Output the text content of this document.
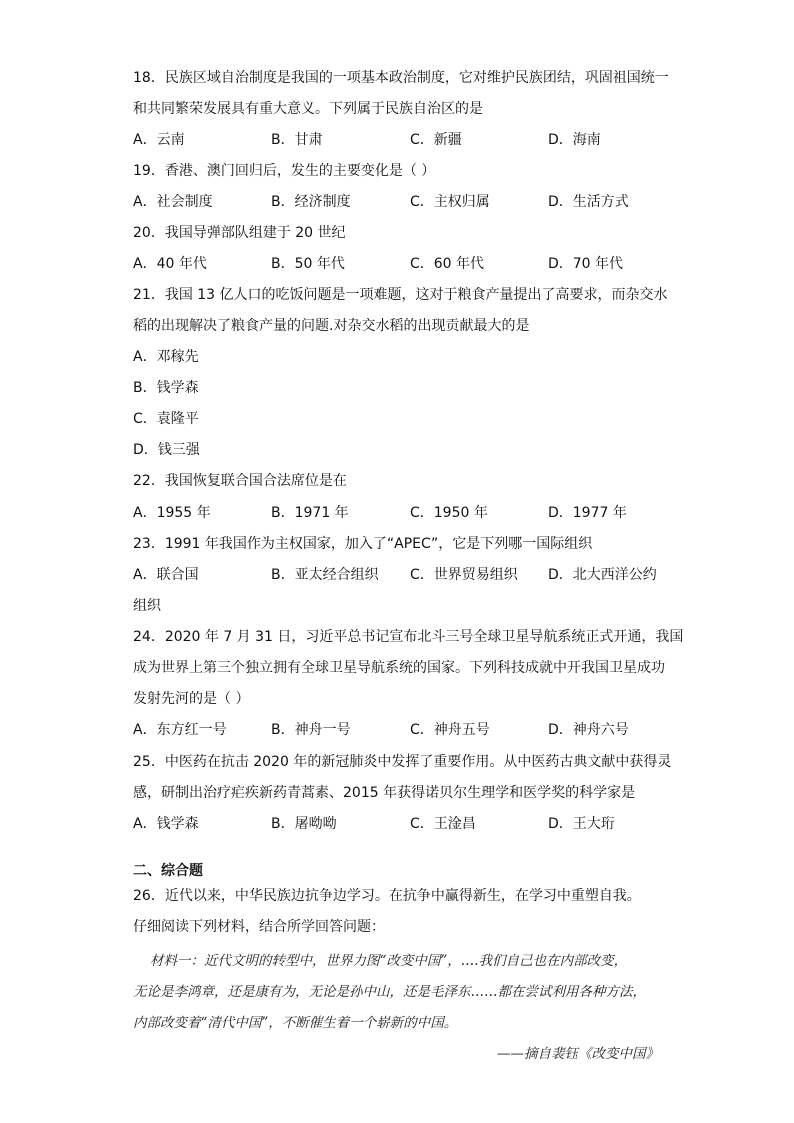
18．民族区域自治制度是我国的一项基本政治制度，它对维护民族团结，巩固祖国统一
和共同繁荣发展具有重大意义。下列属于民族自治区的是
A．云南	B．甘肃	C．新疆	D．海南
19．香港、澳门回归后，发生的主要变化是（ ）
A．社会制度	B．经济制度	C．主权归属	D．生活方式
20．我国导弹部队组建于 20 世纪
A．40 年代	B．50 年代	C．60 年代	D．70 年代
21．我国 13 亿人口的吃饭问题是一项难题，这对于粮食产量提出了高要求，而杂交水
稻的出现解决了粮食产量的问题.对杂交水稻的出现贡献最大的是
A．邓稼先
B．钱学森
C．袁隆平
D．钱三强
22．我国恢复联合国合法席位是在
A．1955 年	B．1971 年	C．1950 年	D．1977 年
23．1991 年我国作为主权国家，加入了“APEC”，它是下列哪一国际组织
A．联合国	B．亚太经合组织 C．世界贸易组织 D．北大西洋公约
组织
24．2020 年 7 月 31 日，习近平总书记宣布北斗三号全球卫星导航系统正式开通，我国
成为世界上第三个独立拥有全球卫星导航系统的国家。下列科技成就中开我国卫星成功
发射先河的是（ ）
A．东方红一号	B．神舟一号	C．神舟五号	D．神舟六号
25．中医药在抗击 2020 年的新冠肺炎中发挥了重要作用。从中医药古典文献中获得灵
感，研制出治疗疟疾新药青蒿素、2015 年获得诺贝尔生理学和医学奖的科学家是
A．钱学森	B．屠呦呦	C．王淦昌	D．王大珩
二、综合题
26．近代以来，中华民族边抗争边学习。在抗争中赢得新生，在学习中重塑自我。
仔细阅读下列材料，结合所学回答问题：
材料一：近代文明的转型中，世界力图“改变中国”，.…我们自己也在内部改变，
无论是李鸿章，还是康有为，无论是孙中山，还是毛泽东……都在尝试利用各种方法，
内部改变着“清代中国”，不断催生着一个崭新的中国。
——摘自裴钰《改变中国》
